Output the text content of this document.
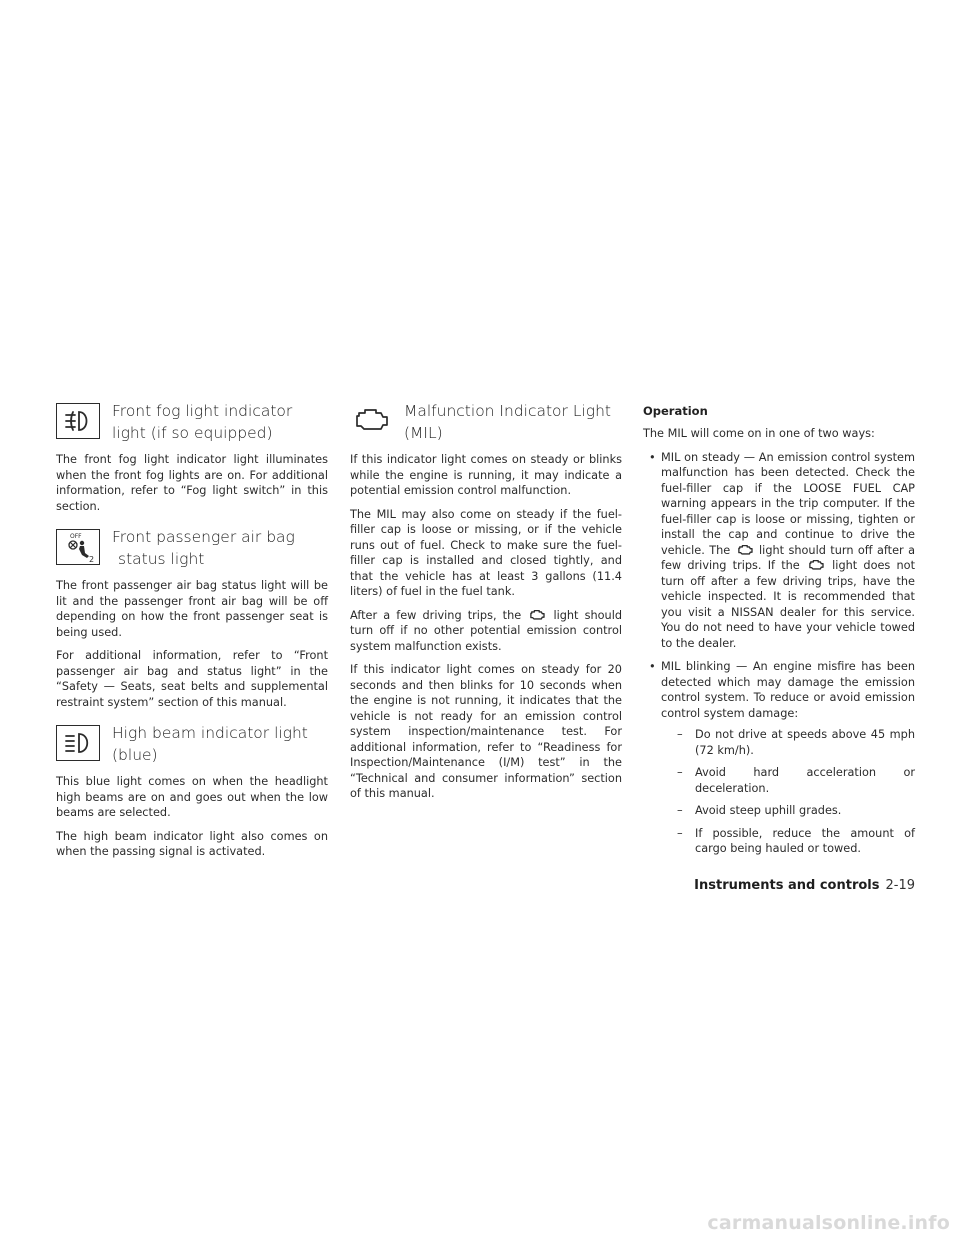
Front fog light indicator
light (if so equipped)

The front fog light indicator light illuminates when the front fog lights are on. For additional information, refer to “Fog light switch” in this section.

OFF
2
Front passenger air bag
status light

The front passenger air bag status light will be lit and the passenger front air bag will be off depending on how the front passenger seat is being used.

For additional information, refer to “Front passenger air bag and status light” in the “Safety — Seats, seat belts and supplemental restraint system” section of this manual.

High beam indicator light
(blue)

This blue light comes on when the headlight high beams are on and goes out when the low beams are selected.

The high beam indicator light also comes on when the passing signal is activated.

Malfunction Indicator Light
(MIL)

If this indicator light comes on steady or blinks while the engine is running, it may indicate a potential emission control malfunction.

The MIL may also come on steady if the fuel-filler cap is loose or missing, or if the vehicle runs out of fuel. Check to make sure the fuel-filler cap is installed and closed tightly, and that the vehicle has at least 3 gallons (11.4 liters) of fuel in the fuel tank.

After a few driving trips, the	light should turn off if no other potential emission control system malfunction exists.

If this indicator light comes on steady for 20 seconds and then blinks for 10 seconds when the engine is not running, it indicates that the vehicle is not ready for an emission control system inspection/maintenance test. For additional information, refer to “Readiness for Inspection/Maintenance (I/M) test” in the “Technical and consumer information” section of this manual.

Operation

The MIL will come on in one of two ways:

• MIL on steady — An emission control system malfunction has been detected. Check the fuel-filler cap if the LOOSE FUEL CAP warning appears in the trip computer. If the fuel-filler cap is loose or missing, tighten or install the cap and continue to drive the vehicle. The	light should turn off after a few driving trips. If the	light does not turn off after a few driving trips, have the vehicle inspected. It is recommended that you visit a NISSAN dealer for this service. You do not need to have your vehicle towed to the dealer.
• MIL blinking — An engine misfire has been detected which may damage the emission control system. To reduce or avoid emission control system damage:
– Do not drive at speeds above 45 mph (72 km/h).
– Avoid hard acceleration or deceleration.
– Avoid steep uphill grades.
– If possible, reduce the amount of cargo being hauled or towed.
Instruments and controls 2-19
carmanualsonline.info
